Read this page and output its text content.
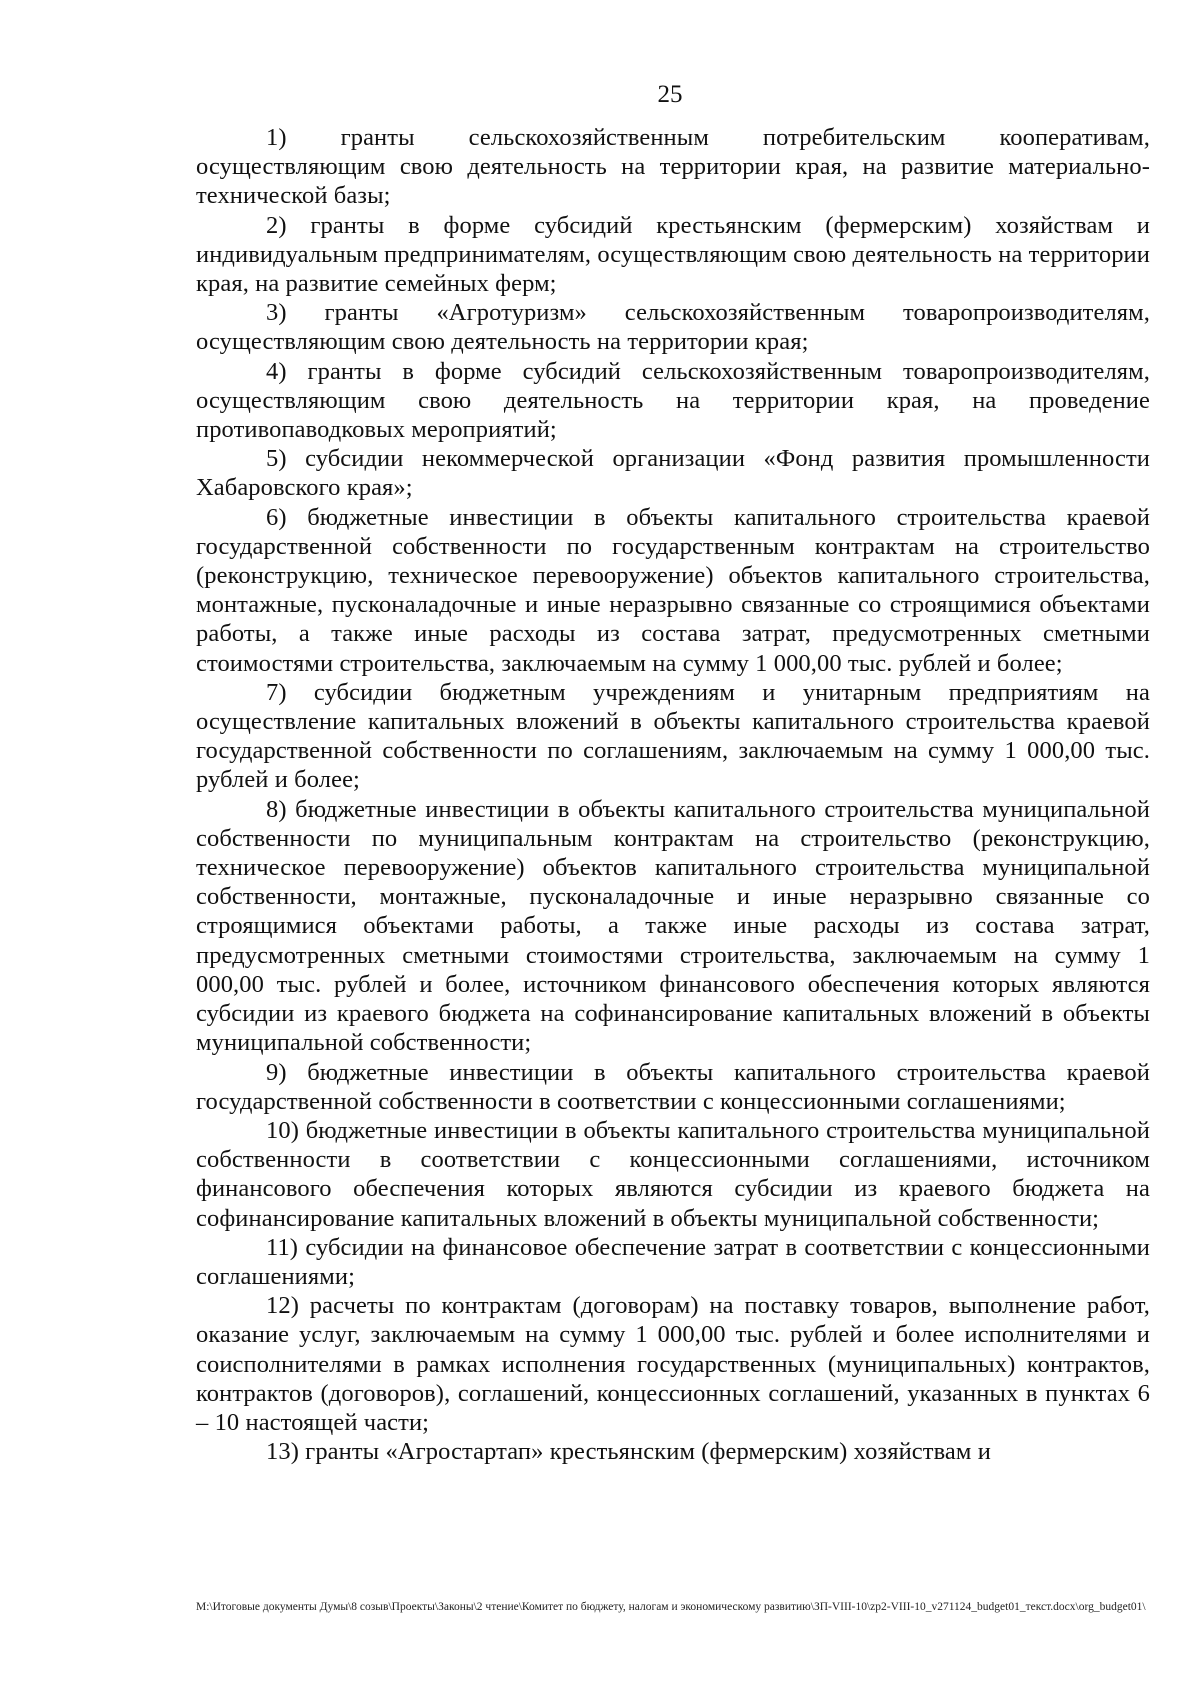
25

1) гранты сельскохозяйственным потребительским кооперативам, осуществляющим свою деятельность на территории края, на развитие материально-технической базы;

2) гранты в форме субсидий крестьянским (фермерским) хозяйствам и индивидуальным предпринимателям, осуществляющим свою деятельность на территории края, на развитие семейных ферм;

3) гранты «Агротуризм» сельскохозяйственным товаропроизводителям, осуществляющим свою деятельность на территории края;

4) гранты в форме субсидий сельскохозяйственным товаропроизводителям, осуществляющим свою деятельность на территории края, на проведение противопаводковых мероприятий;

5) субсидии некоммерческой организации «Фонд развития промышленности Хабаровского края»;

6) бюджетные инвестиции в объекты капитального строительства краевой государственной собственности по государственным контрактам на строительство (реконструкцию, техническое перевооружение) объектов капитального строительства, монтажные, пусконаладочные и иные неразрывно связанные со строящимися объектами работы, а также иные расходы из состава затрат, предусмотренных сметными стоимостями строительства, заключаемым на сумму 1 000,00 тыс. рублей и более;

7) субсидии бюджетным учреждениям и унитарным предприятиям на осуществление капитальных вложений в объекты капитального строительства краевой государственной собственности по соглашениям, заключаемым на сумму 1 000,00 тыс. рублей и более;

8) бюджетные инвестиции в объекты капитального строительства муниципальной собственности по муниципальным контрактам на строительство (реконструкцию, техническое перевооружение) объектов капитального строительства муниципальной собственности, монтажные, пусконаладочные и иные неразрывно связанные со строящимися объектами работы, а также иные расходы из состава затрат, предусмотренных сметными стоимостями строительства, заключаемым на сумму 1 000,00 тыс. рублей и более, источником финансового обеспечения которых являются субсидии из краевого бюджета на софинансирование капитальных вложений в объекты муниципальной собственности;

9) бюджетные инвестиции в объекты капитального строительства краевой государственной собственности в соответствии с концессионными соглашениями;

10) бюджетные инвестиции в объекты капитального строительства муниципальной собственности в соответствии с концессионными соглашениями, источником финансового обеспечения которых являются субсидии из краевого бюджета на софинансирование капитальных вложений в объекты муниципальной собственности;

11) субсидии на финансовое обеспечение затрат в соответствии с концессионными соглашениями;

12) расчеты по контрактам (договорам) на поставку товаров, выполнение работ, оказание услуг, заключаемым на сумму 1 000,00 тыс. рублей и более исполнителями и соисполнителями в рамках исполнения государственных (муниципальных) контрактов, контрактов (договоров), соглашений, концессионных соглашений, указанных в пунктах 6 – 10 настоящей части;

13) гранты «Агростартап» крестьянским (фермерским) хозяйствам и

M:\Итоговые документы Думы\8 созыв\Проекты\Законы\2 чтение\Комитет по бюджету, налогам и экономическому развитию\ЗП-VIII-10\zp2-VIII-10_v271124_budget01_текст.docx\org_budget01\
